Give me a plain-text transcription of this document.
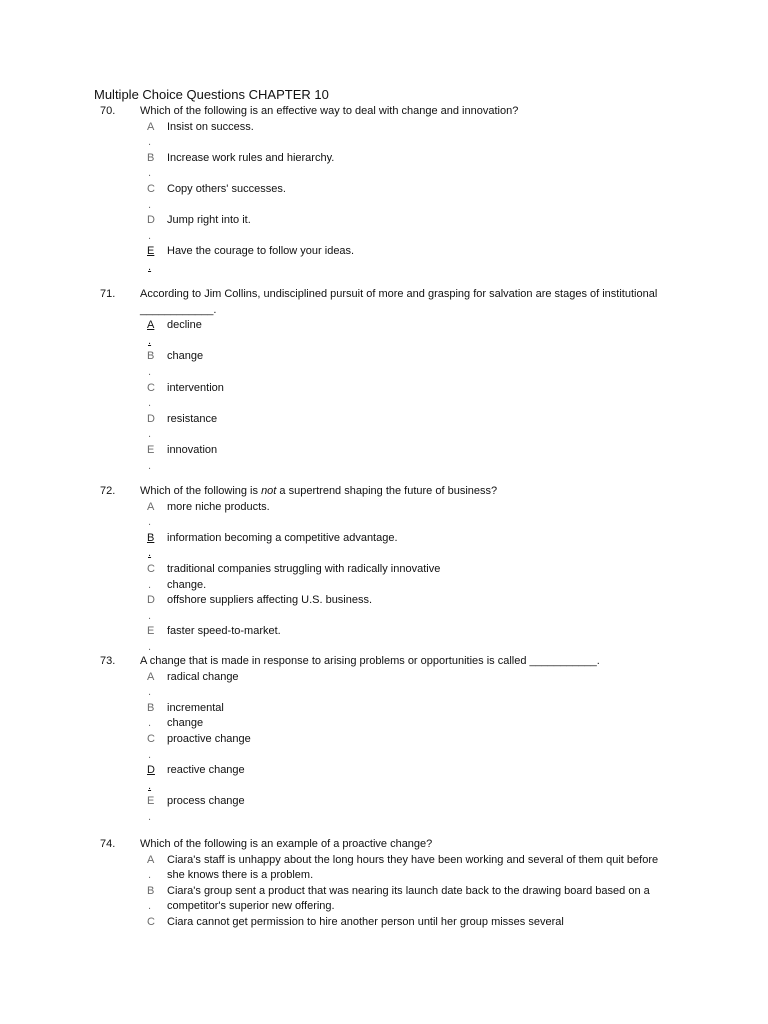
Multiple Choice Questions CHAPTER 10
70. Which of the following is an effective way to deal with change and innovation?
A
.
Insist on success.
B
.
Increase work rules and hierarchy.
C
.
Copy others' successes.
D
.
Jump right into it.
E
.
Have the courage to follow your ideas.
71. According to Jim Collins, undisciplined pursuit of more and grasping for salvation are stages of institutional ____________.
A
.
decline
B
.
change
C
.
intervention
D
.
resistance
E
.
innovation
72. Which of the following is not a supertrend shaping the future of business?
A
.
more niche products.
B
.
information becoming a competitive advantage.
C
.
traditional companies struggling with radically innovative change.
D
.
offshore suppliers affecting U.S. business.
E
.
faster speed-to-market.
73. A change that is made in response to arising problems or opportunities is called ___________.
A
.
radical change
B
.
incremental change
C
.
proactive change
D
.
reactive change
E
.
process change
74. Which of the following is an example of a proactive change?
A
.
Ciara's staff is unhappy about the long hours they have been working and several of them quit before she knows there is a problem.
B
.
Ciara's group sent a product that was nearing its launch date back to the drawing board based on a competitor's superior new offering.
C Ciara cannot get permission to hire another person until her group misses several
